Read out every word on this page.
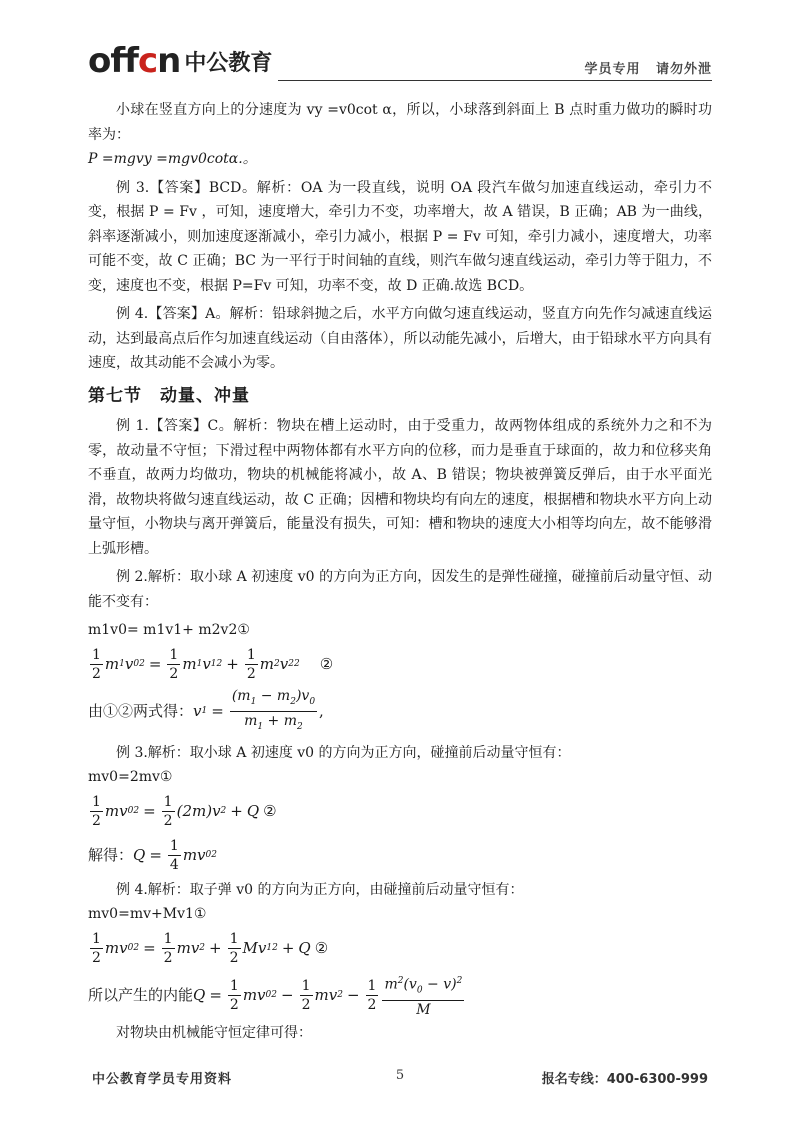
offcn 中公教育	学员专用 请勿外泄
小球在竖直方向上的分速度为 vy =v0cot α，所以，小球落到斜面上 B 点时重力做功的瞬时功率为：
P =mgvy =mgv0cotα.。
例 3.【答案】BCD。解析：OA 为一段直线，说明 OA 段汽车做匀加速直线运动，牵引力不变，根据 P = Fv ，可知，速度增大，牵引力不变，功率增大，故 A 错误，B 正确；AB 为一曲线，斜率逐渐减小，则加速度逐渐减小，牵引力减小，根据 P = Fv 可知，牵引力减小，速度增大，功率可能不变，故 C 正确；BC 为一平行于时间轴的直线，则汽车做匀速直线运动，牵引力等于阻力，不变，速度也不变，根据 P=Fv 可知，功率不变，故 D 正确.故选 BCD。
例 4.【答案】A。解析：铅球斜抛之后，水平方向做匀速直线运动，竖直方向先作匀减速直线运动，达到最高点后作匀加速直线运动（自由落体），所以动能先减小，后增大，由于铅球水平方向具有速度，故其动能不会减小为零。
第七节　动量、冲量
例 1.【答案】C。解析：物块在槽上运动时，由于受重力，故两物体组成的系统外力之和不为零，故动量不守恒；下滑过程中两物体都有水平方向的位移，而力是垂直于球面的，故力和位移夹角不垂直，故两力均做功，物块的机械能将减小，故 A、B 错误；物块被弹簧反弹后，由于水平面光滑，故物块将做匀速直线运动，故 C 正确；因槽和物块均有向左的速度，根据槽和物块水平方向上动量守恒，小物块与离开弹簧后，能量没有损失，可知：槽和物块的速度大小相等均向左，故不能够滑上弧形槽。
例 2.解析：取小球 A 初速度 v0 的方向为正方向，因发生的是弹性碰撞，碰撞前后动量守恒、动能不变有：
m1v0= m1v1+ m2v2①
$\frac{1}{2}$ m 1 v 0 $2 = \frac{1}{2}$ m 1 v 1 $2 + \frac{1}{2}$ m 2 v 2 2 ②
由①②两式得： v $1 = \frac{(m_1 - m_2)v_0}{m_1 + m_2}$ ,
例 3.解析：取小球 A 初速度 v0 的方向为正方向，碰撞前后动量守恒有：
mv0=2mv①
$\frac{1}{2}$ mv 0 $2 = \frac{1}{2} (2m)v$ 2 + Q ②
解得： $Q = \frac{1}{4}$ mv 0 2
例 4.解析：取子弹 v0 的方向为正方向，由碰撞前后动量守恒有：
mv0=mv+Mv1①
$\frac{1}{2}$ mv 0 $2 = \frac{1}{2}$ mv $2 + \frac{1}{2}$ Mv 1 2 + Q ②
所以产生的内能 $Q = \frac{1}{2}$ mv 0 $2 - \frac{1}{2}$ mv $2 - \frac{1}{2} \frac{m^2(v_0 - v)^2}{M}$
对物块由机械能守恒定律可得：
中公教育学员专用资料	5	报名专线：400-6300-999
